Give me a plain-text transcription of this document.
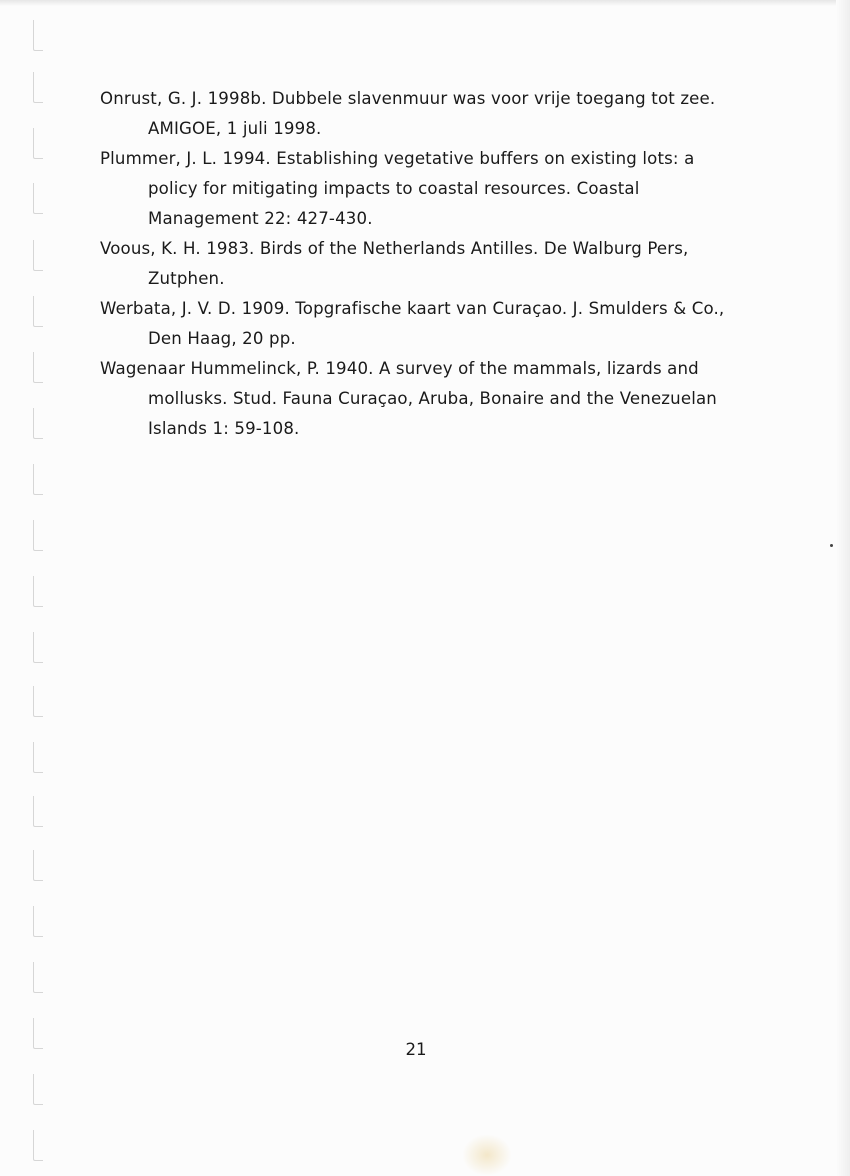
Onrust, G. J. 1998b. Dubbele slavenmuur was voor vrije toegang tot zee.
AMIGOE, 1 juli 1998.
Plummer, J. L. 1994. Establishing vegetative buffers on existing lots: a
policy for mitigating impacts to coastal resources. Coastal
Management 22: 427-430.
Voous, K. H. 1983. Birds of the Netherlands Antilles. De Walburg Pers,
Zutphen.
Werbata, J. V. D. 1909. Topgrafische kaart van Curaçao. J. Smulders & Co.,
Den Haag, 20 pp.
Wagenaar Hummelinck, P. 1940. A survey of the mammals, lizards and
mollusks. Stud. Fauna Curaçao, Aruba, Bonaire and the Venezuelan
Islands 1: 59-108.
21
